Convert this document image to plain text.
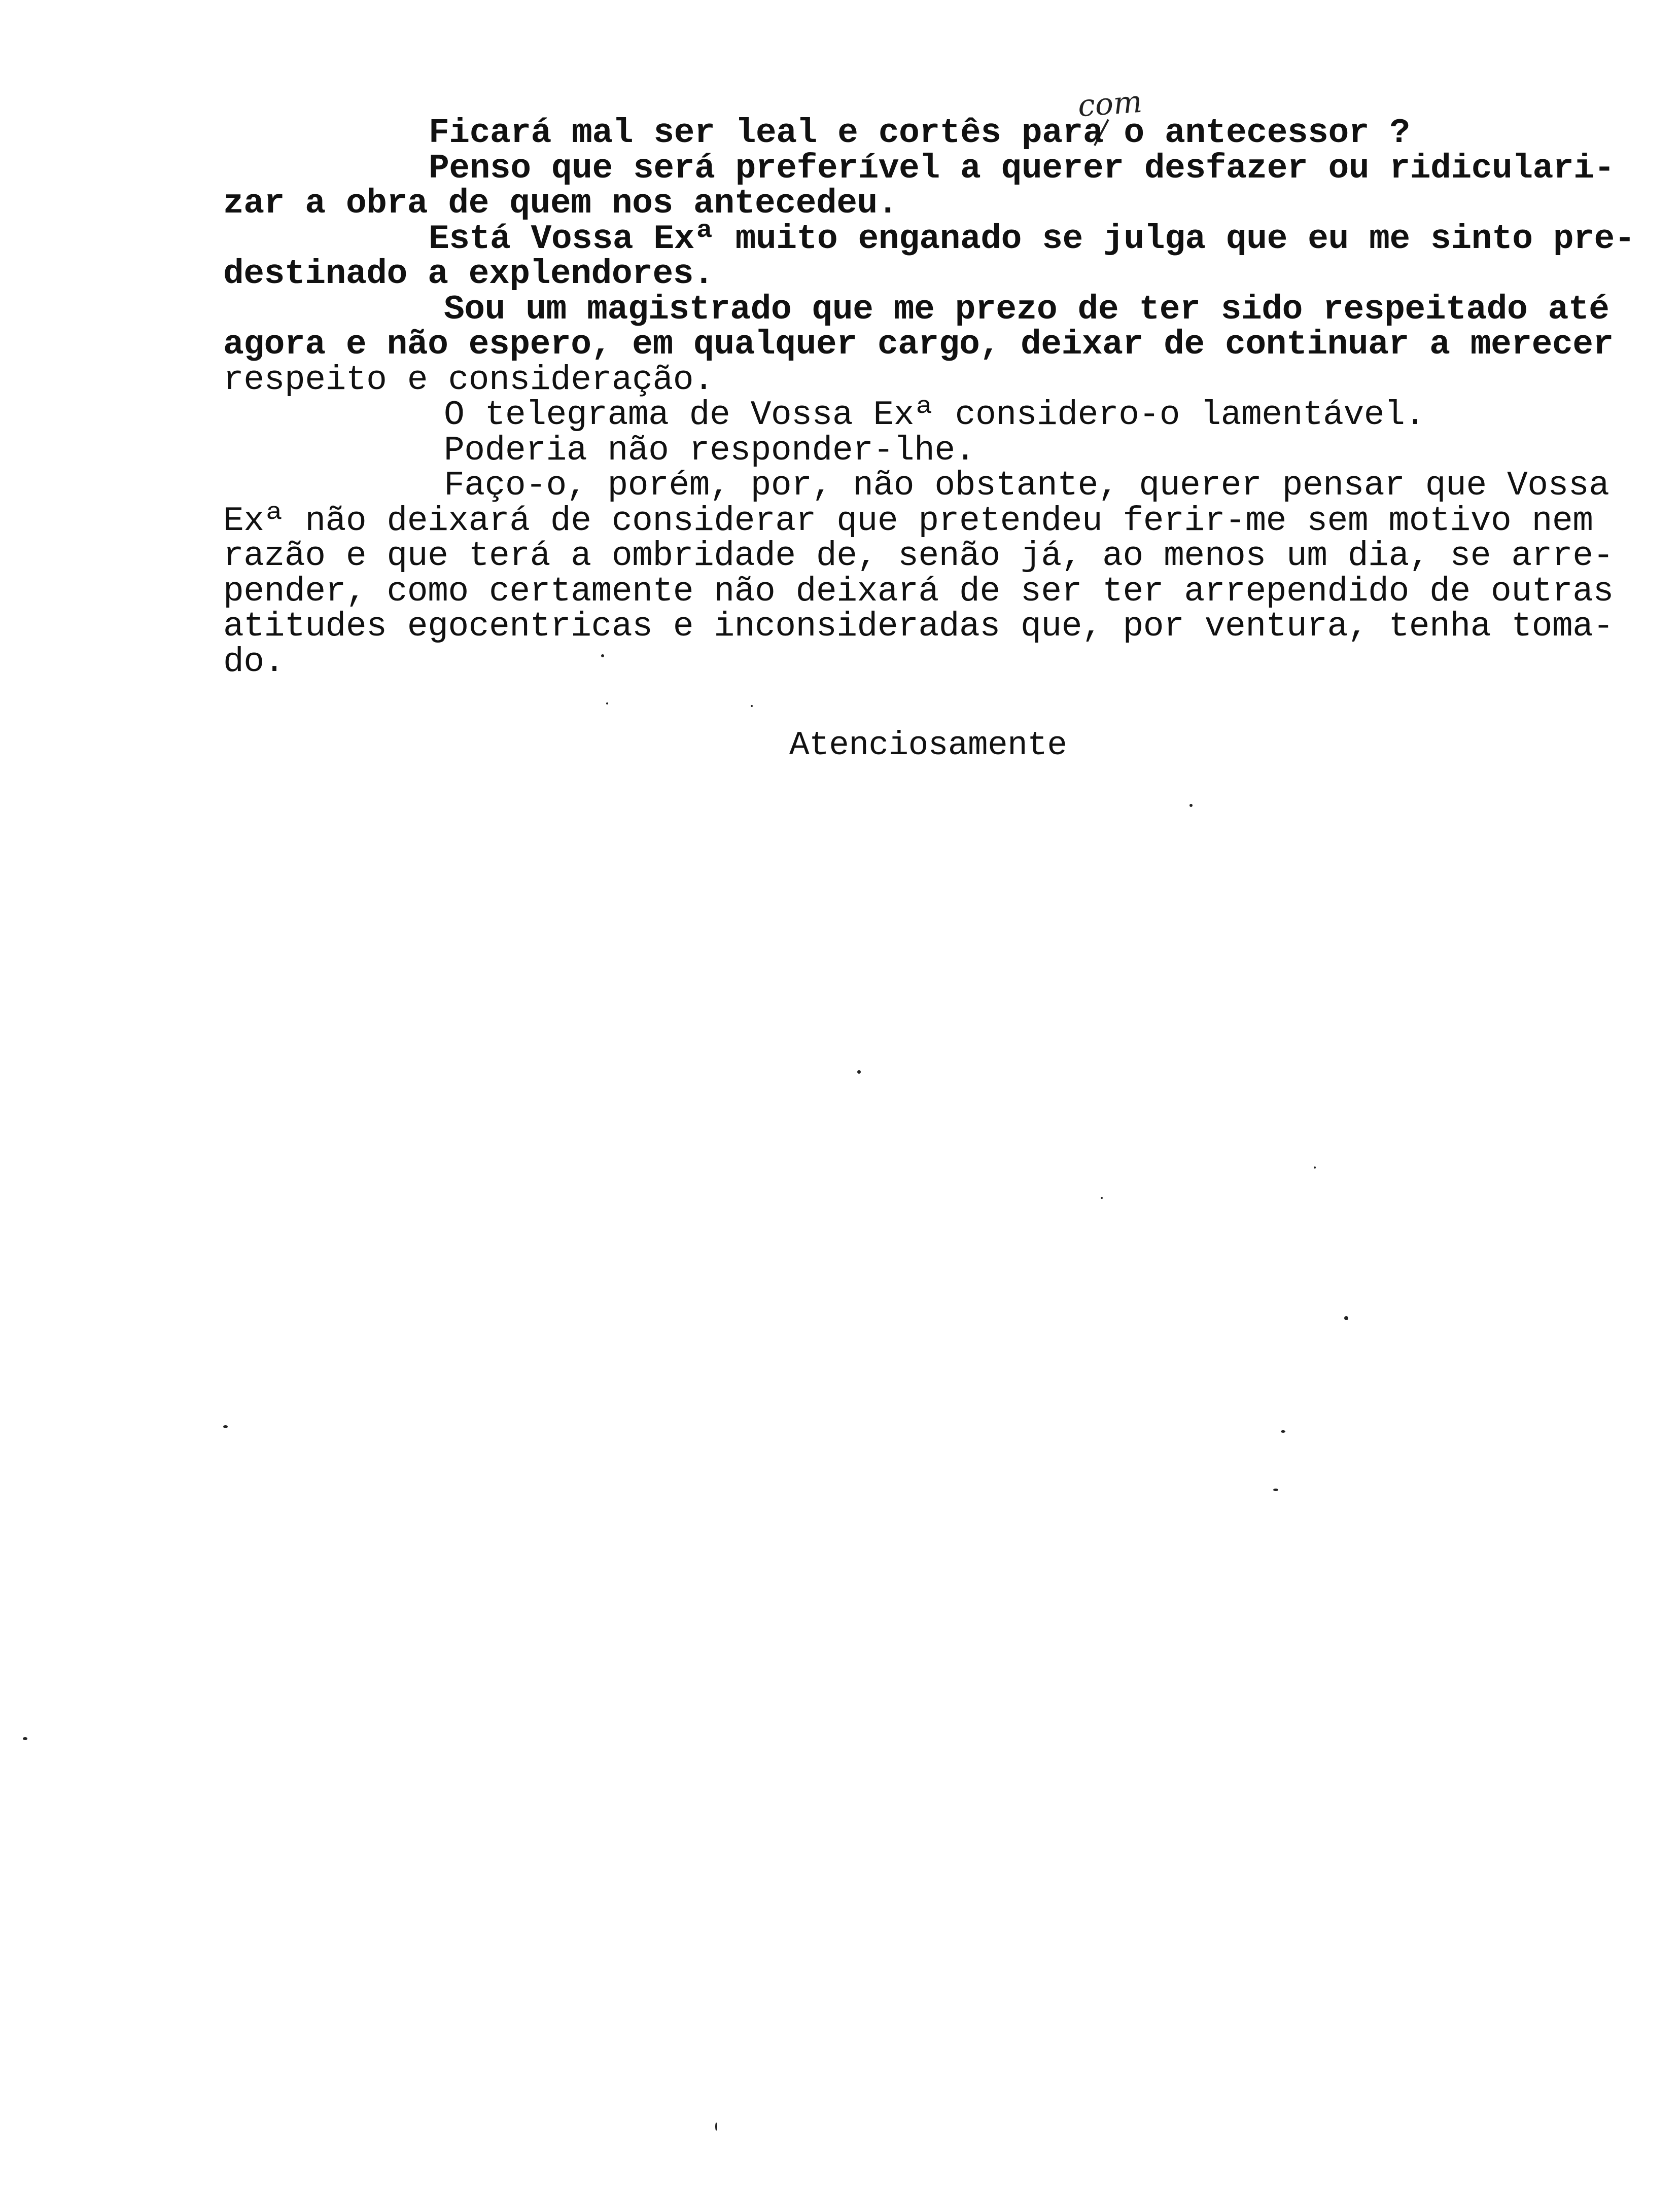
com
Ficará mal ser leal e cortês para o antecessor ?
Penso que será preferível a querer desfazer ou ridiculari-
zar a obra de quem nos antecedeu.
Está Vossa Exª muito enganado se julga que eu me sinto pre-
destinado a explendores.
Sou um magistrado que me prezo de ter sido respeitado até
agora e não espero, em qualquer cargo, deixar de continuar a merecer
respeito e consideração.
O telegrama de Vossa Exª considero-o lamentável.
Poderia não responder-lhe.
Faço-o, porém, por, não obstante, querer pensar que Vossa
Exª não deixará de considerar que pretendeu ferir-me sem motivo nem
razão e que terá a ombridade de, senão já, ao menos um dia, se arre-
pender, como certamente não deixará de ser ter arrependido de outras
atitudes egocentricas e inconsideradas que, por ventura, tenha toma-
do.
Atenciosamente
